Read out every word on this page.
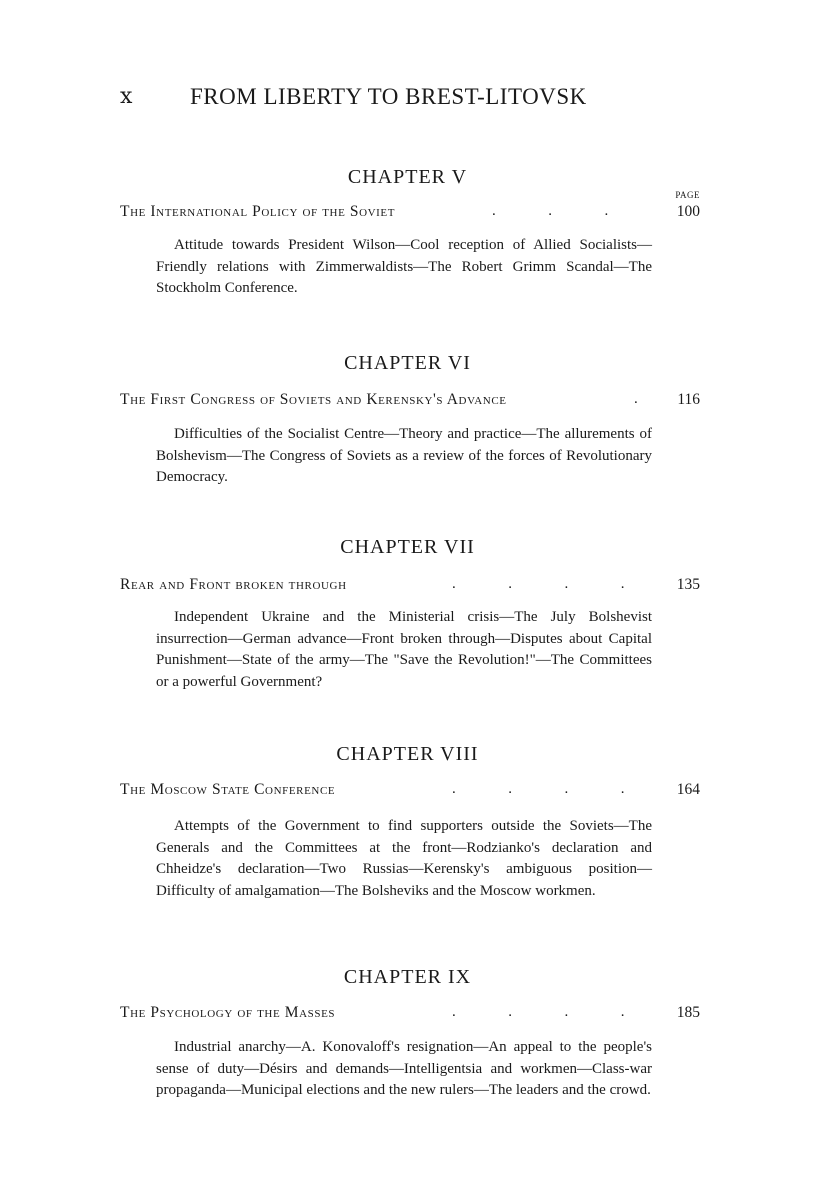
x	FROM LIBERTY TO BREST-LITOVSK
CHAPTER V
PAGE
The International Policy of the Soviet	.              .              .	100

Attitude towards President Wilson—Cool reception of Allied Socialists—Friendly relations with Zimmerwaldists—The Robert Grimm Scandal—The Stockholm Conference.

CHAPTER VI
The First Congress of Soviets and Kerensky's Advance	.	116

Difficulties of the Socialist Centre—Theory and practice—The allurements of Bolshevism—The Congress of Soviets as a review of the forces of Revolutionary Democracy.

CHAPTER VII
Rear and Front broken through	.              .              .              .	135

Independent Ukraine and the Ministerial crisis—The July Bolshevist insurrection—German advance—Front broken through—Disputes about Capital Punishment—State of the army—The "Save the Revolution!"—The Committees or a powerful Government?

CHAPTER VIII
The Moscow State Conference	.              .              .              .	164

Attempts of the Government to find supporters outside the Soviets—The Generals and the Committees at the front—Rodzianko's declaration and Chheidze's declaration—Two Russias—Kerensky's ambiguous position—Difficulty of amalgamation—The Bolsheviks and the Moscow workmen.

CHAPTER IX
The Psychology of the Masses	.              .              .              .	185

Industrial anarchy—A. Konovaloff's resignation—An appeal to the people's sense of duty—Désirs and demands—Intelligentsia and workmen—Class-war propaganda—Municipal elections and the new rulers—The leaders and the crowd.
